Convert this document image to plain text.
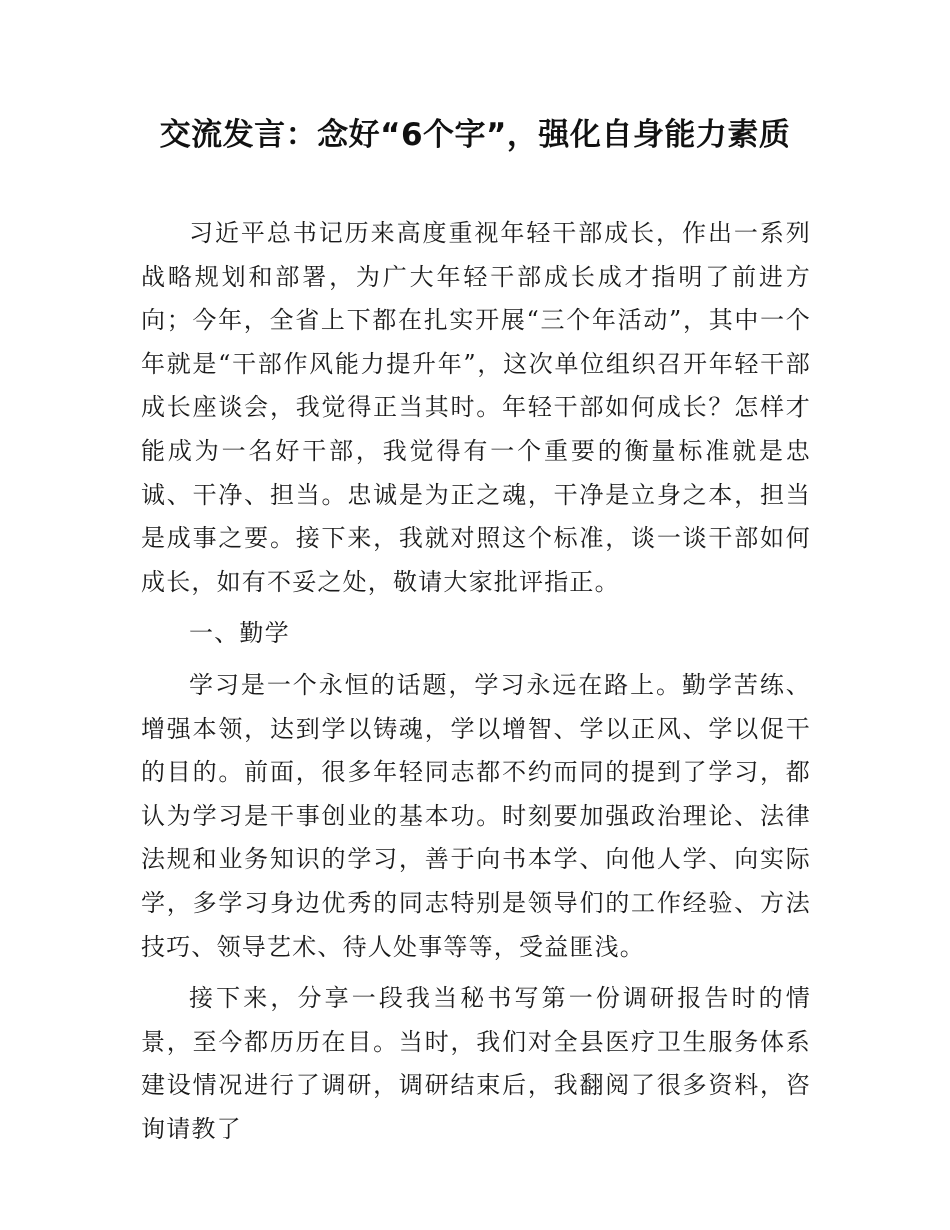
交流发言：念好“6个字”，强化自身能力素质

习近平总书记历来高度重视年轻干部成长，作出一系列战略规划和部署，为广大年轻干部成长成才指明了前进方向；今年，全省上下都在扎实开展“三个年活动”，其中一个年就是“干部作风能力提升年”，这次单位组织召开年轻干部成长座谈会，我觉得正当其时。年轻干部如何成长？怎样才能成为一名好干部，我觉得有一个重要的衡量标准就是忠诚、干净、担当。忠诚是为正之魂，干净是立身之本，担当是成事之要。接下来，我就对照这个标准，谈一谈干部如何成长，如有不妥之处，敬请大家批评指正。

一、勤学

学习是一个永恒的话题，学习永远在路上。勤学苦练、增强本领，达到学以铸魂，学以增智、学以正风、学以促干的目的。前面，很多年轻同志都不约而同的提到了学习，都认为学习是干事创业的基本功。时刻要加强政治理论、法律法规和业务知识的学习，善于向书本学、向他人学、向实际学，多学习身边优秀的同志特别是领导们的工作经验、方法技巧、领导艺术、待人处事等等，受益匪浅。

接下来，分享一段我当秘书写第一份调研报告时的情景，至今都历历在目。当时，我们对全县医疗卫生服务体系建设情况进行了调研，调研结束后，我翻阅了很多资料，咨询请教了
